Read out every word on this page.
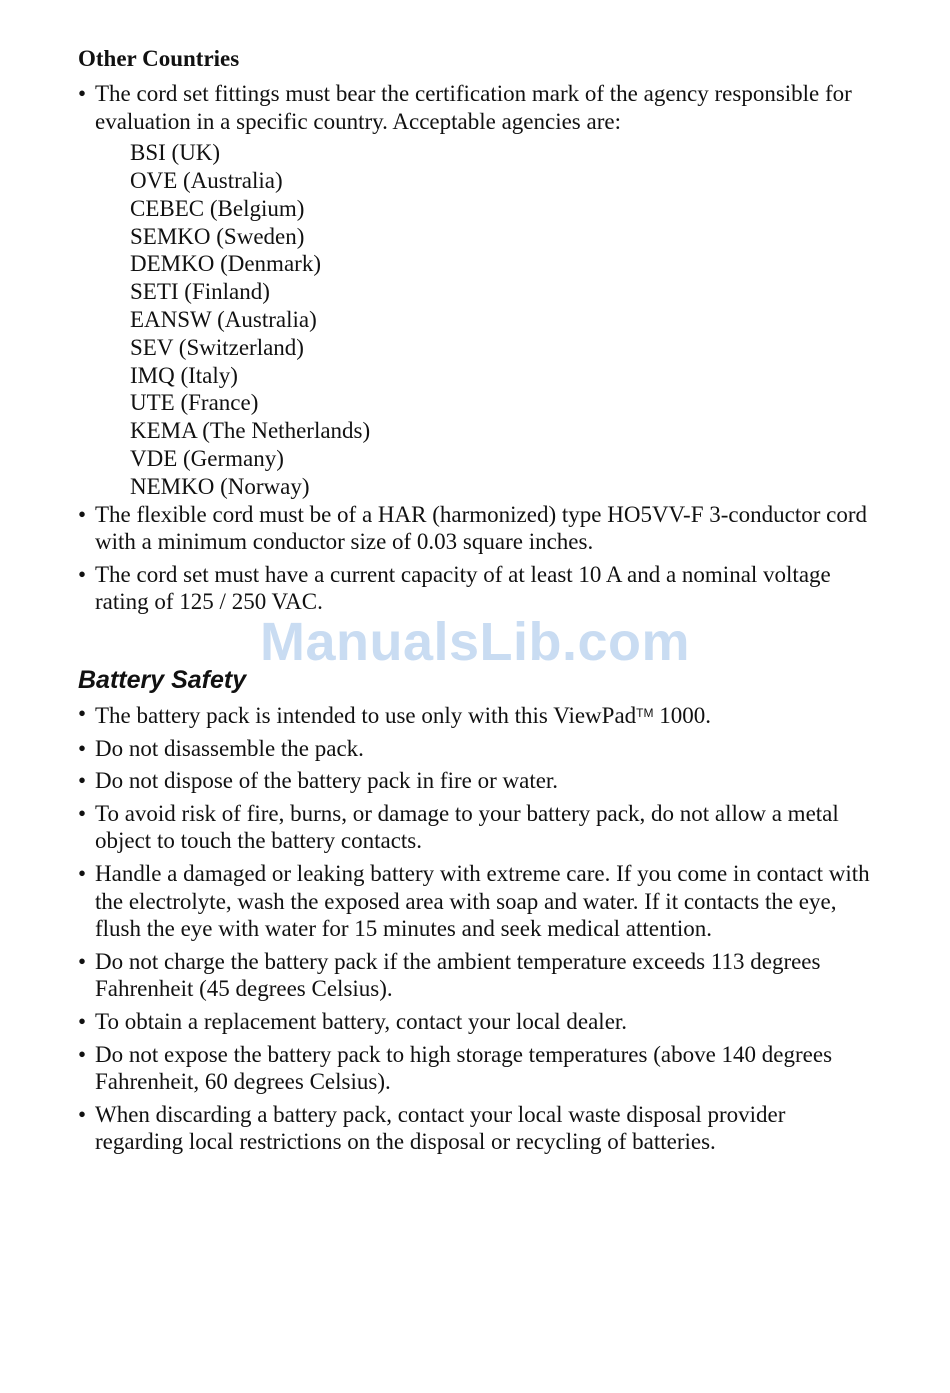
Other Countries
• The cord set fittings must bear the certification mark of the agency responsible for evaluation in a specific country. Acceptable agencies are:
BSI (UK)
OVE (Australia)
CEBEC (Belgium)
SEMKO (Sweden)
DEMKO (Denmark)
SETI (Finland)
EANSW (Australia)
SEV (Switzerland)
IMQ (Italy)
UTE (France)
KEMA (The Netherlands)
VDE (Germany)
NEMKO (Norway)
• The flexible cord must be of a HAR (harmonized) type HO5VV-F 3-conductor cord with a minimum conductor size of 0.03 square inches.
• The cord set must have a current capacity of at least 10 A and a nominal voltage rating of 125 / 250 VAC.
ManualsLib.com
Battery Safety
• The battery pack is intended to use only with this ViewPad™ 1000.
• Do not disassemble the pack.
• Do not dispose of the battery pack in fire or water.
• To avoid risk of fire, burns, or damage to your battery pack, do not allow a metal object to touch the battery contacts.
• Handle a damaged or leaking battery with extreme care. If you come in contact with the electrolyte, wash the exposed area with soap and water. If it contacts the eye, flush the eye with water for 15 minutes and seek medical attention.
• Do not charge the battery pack if the ambient temperature exceeds 113 degrees Fahrenheit (45 degrees Celsius).
• To obtain a replacement battery, contact your local dealer.
• Do not expose the battery pack to high storage temperatures (above 140 degrees Fahrenheit, 60 degrees Celsius).
• When discarding a battery pack, contact your local waste disposal provider regarding local restrictions on the disposal or recycling of batteries.
